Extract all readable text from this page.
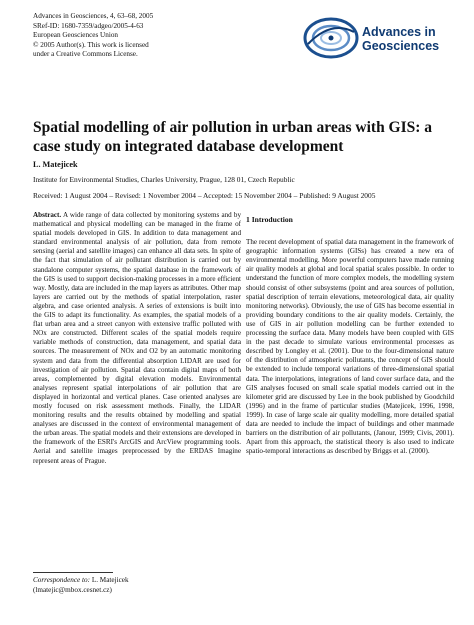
Advances in Geosciences, 4, 63–68, 2005
SRef-ID: 1680-7359/adgeo/2005-4-63
European Geosciences Union
© 2005 Author(s). This work is licensed
under a Creative Commons License.
Advances in
Geosciences
Spatial modelling of air pollution in urban areas with GIS: a case study on integrated database development
L. Matejicek
Institute for Environmental Studies, Charles University, Prague, 128 01, Czech Republic
Received: 1 August 2004 – Revised: 1 November 2004 – Accepted: 15 November 2004 – Published: 9 August 2005

Abstract. A wide range of data collected by monitoring systems and by mathematical and physical modelling can be managed in the frame of spatial models developed in GIS. In addition to data management and standard environmental analysis of air pollution, data from remote sensing (aerial and satellite images) can enhance all data sets. In spite of the fact that simulation of air pollutant distribution is carried out by standalone computer systems, the spatial database in the framework of the GIS is used to support decision-making processes in a more efficient way. Mostly, data are included in the map layers as attributes. Other map layers are carried out by the methods of spatial interpolation, raster algebra, and case oriented analysis. A series of extensions is built into the GIS to adapt its functionality. As examples, the spatial models of a flat urban area and a street canyon with extensive traffic polluted with NOx are constructed. Different scales of the spatial models require variable methods of construction, data management, and spatial data sources. The measurement of NOx and O2 by an automatic monitoring system and data from the differential absorption LIDAR are used for investigation of air pollution. Spatial data contain digital maps of both areas, complemented by digital elevation models. Environmental analyses represent spatial interpolations of air pollution that are displayed in horizontal and vertical planes. Case oriented analyses are mostly focused on risk assessment methods. Finally, the LIDAR monitoring results and the results obtained by modelling and spatial analyses are discussed in the context of environmental management of the urban areas. The spatial models and their extensions are developed in the framework of the ESRI's ArcGIS and ArcView programming tools. Aerial and satellite images preprocessed by the ERDAS Imagine represent areas of Prague.

1 Introduction

The recent development of spatial data management in the framework of geographic information systems (GISs) has created a new era of environmental modelling. More powerful computers have made running air quality models at global and local spatial scales possible. In order to understand the function of more complex models, the modelling system should consist of other subsystems (point and area sources of pollution, spatial description of terrain elevations, meteorological data, air quality monitoring networks). Obviously, the use of GIS has become essential in providing boundary conditions to the air quality models. Certainly, the use of GIS in air pollution modelling can be further extended to processing the surface data. Many models have been coupled with GIS in the past decade to simulate various environmental processes as described by Longley et al. (2001). Due to the four-dimensional nature of the distribution of atmospheric pollutants, the concept of GIS should be extended to include temporal variations of three-dimensional spatial data. The interpolations, integrations of land cover surface data, and the GIS analyses focused on small scale spatial models carried out in the kilometer grid are discussed by Lee in the book published by Goodchild (1996) and in the frame of particular studies (Matejicek, 1996, 1998, 1999). In case of large scale air quality modelling, more detailed spatial data are needed to include the impact of buildings and other manmade barriers on the distribution of air pollutants, (Janour, 1999; Civis, 2001). Apart from this approach, the statistical theory is also used to indicate spatio-temporal interactions as described by Briggs et al. (2000).

Correspondence to: L. Matejicek
(lmatejic@mbox.cesnet.cz)
